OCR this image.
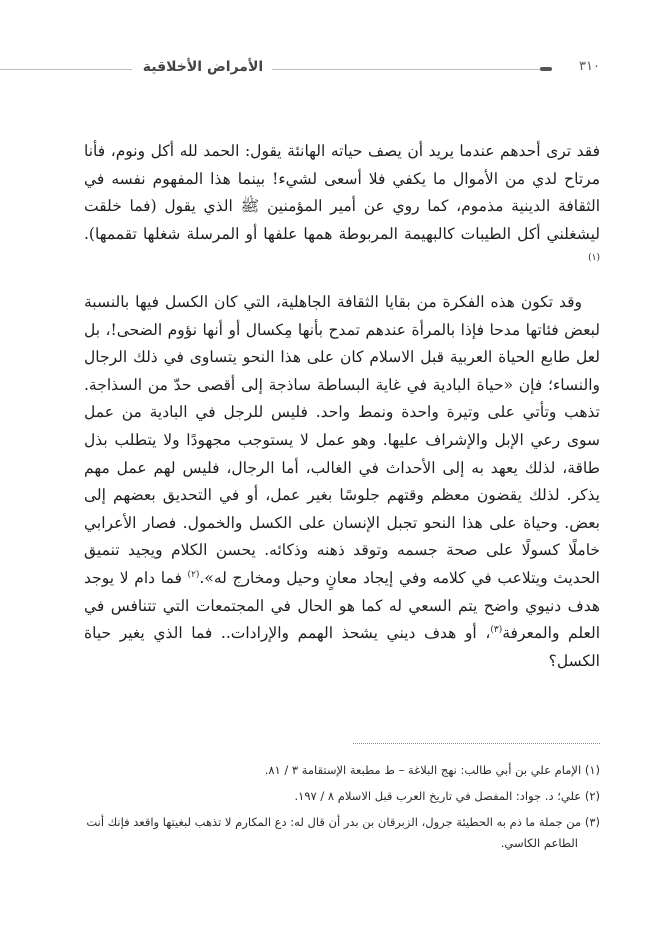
الأمراض الأخلاقية	٣١٠

فقد ترى أحدهم عندما يريد أن يصف حياته الهانئة يقول: الحمد لله أكل ونوم، فأنا مرتاح لدي من الأموال ما يكفي فلا أسعى لشيء! بينما هذا المفهوم نفسه في الثقافة الدينية مذموم، كما روي عن أمير المؤمنين ﷺ الذي يقول (فما خلقت ليشغلني أكل الطيبات كالبهيمة المربوطة همها علفها أو المرسلة شغلها تقممها).$^{(١)}$

وقد تكون هذه الفكرة من بقايا الثقافة الجاهلية، التي كان الكسل فيها بالنسبة لبعض فئاتها مدحا فإذا بالمرأة عندهم تمدح بأنها مِكسال أو أنها نؤوم الضحى!، بل لعل طابع الحياة العربية قبل الاسلام كان على هذا النحو يتساوى في ذلك الرجال والنساء؛ فإن «حياة البادية في غاية البساطة ساذجة إلى أقصى حدّ من السذاجة. تذهب وتأتي على وتيرة واحدة ونمط واحد. فليس للرجل في البادية من عمل سوى رعي الإبل والإشراف عليها. وهو عمل لا يستوجب مجهودًا ولا يتطلب بذل طاقة، لذلك يعهد به إلى الأحداث في الغالب، أما الرجال، فليس لهم عمل مهم يذكر. لذلك يقضون معظم وقتهم جلوسًا بغير عمل، أو في التحديق بعضهم إلى بعض. وحياة على هذا النحو تجبل الإنسان على الكسل والخمول. فصار الأعرابي خاملًا كسولًا على صحة جسمه وتوقد ذهنه وذكائه. يحسن الكلام ويجيد تنميق الحديث ويتلاعب في كلامه وفي إيجاد معانٍ وحيل ومخارج له».$^{(٢)}$ فما دام لا يوجد هدف دنيوي واضح يتم السعي له كما هو الحال في المجتمعات التي تتنافس في العلم والمعرفة$^{(٣)}$، أو هدف ديني يشحذ الهمم والإرادات.. فما الذي يغير حياة الكسل؟

(١) الإمام علي بن أبي طالب: نهج البلاغة – ط مطبعة الإستقامة ٣ / ٨١.

(٢) علي؛ د. جواد: المفصل في تاريخ العرب قبل الاسلام ٨ / ١٩٧.

(٣) من جملة ما ذم به الحطيئة جرول، الزبرقان بن بدر أن قال له: دع المكارم لا تذهب لبغيتها واقعد فإنك أنت الطاعم الكاسي.
